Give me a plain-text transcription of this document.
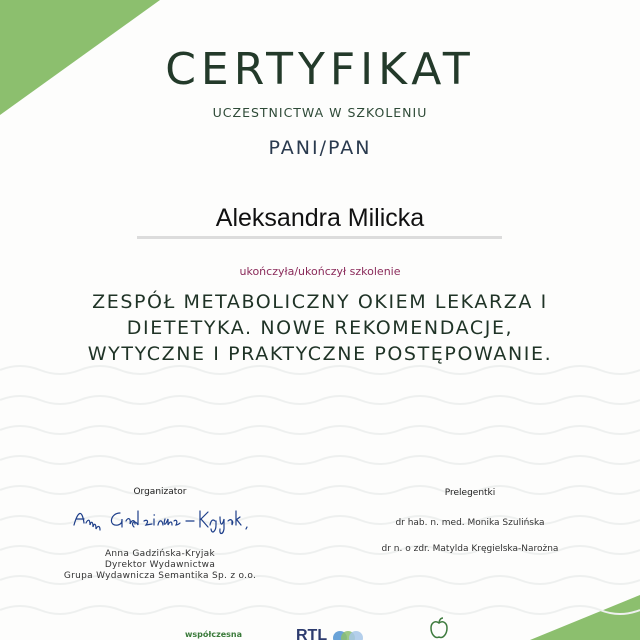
CERTYFIKAT
UCZESTNICTWA W SZKOLENIU
PANI/PAN
Aleksandra Milicka
ukończyła/ukończył szkolenie
ZESPÓŁ METABOLICZNY OKIEM LEKARZA I
DIETETYKA. NOWE REKOMENDACJE,
WYTYCZNE I PRAKTYCZNE POSTĘPOWANIE.
Organizator
Anna Gadzińska-Kryjak
Dyrektor Wydawnictwa
Grupa Wydawnicza Semantika Sp. z o.o.
Prelegentki
dr hab. n. med. Monika Szulińska
dr n. o zdr. Matylda Kręgielska-Narożna
współczesna	RTL
